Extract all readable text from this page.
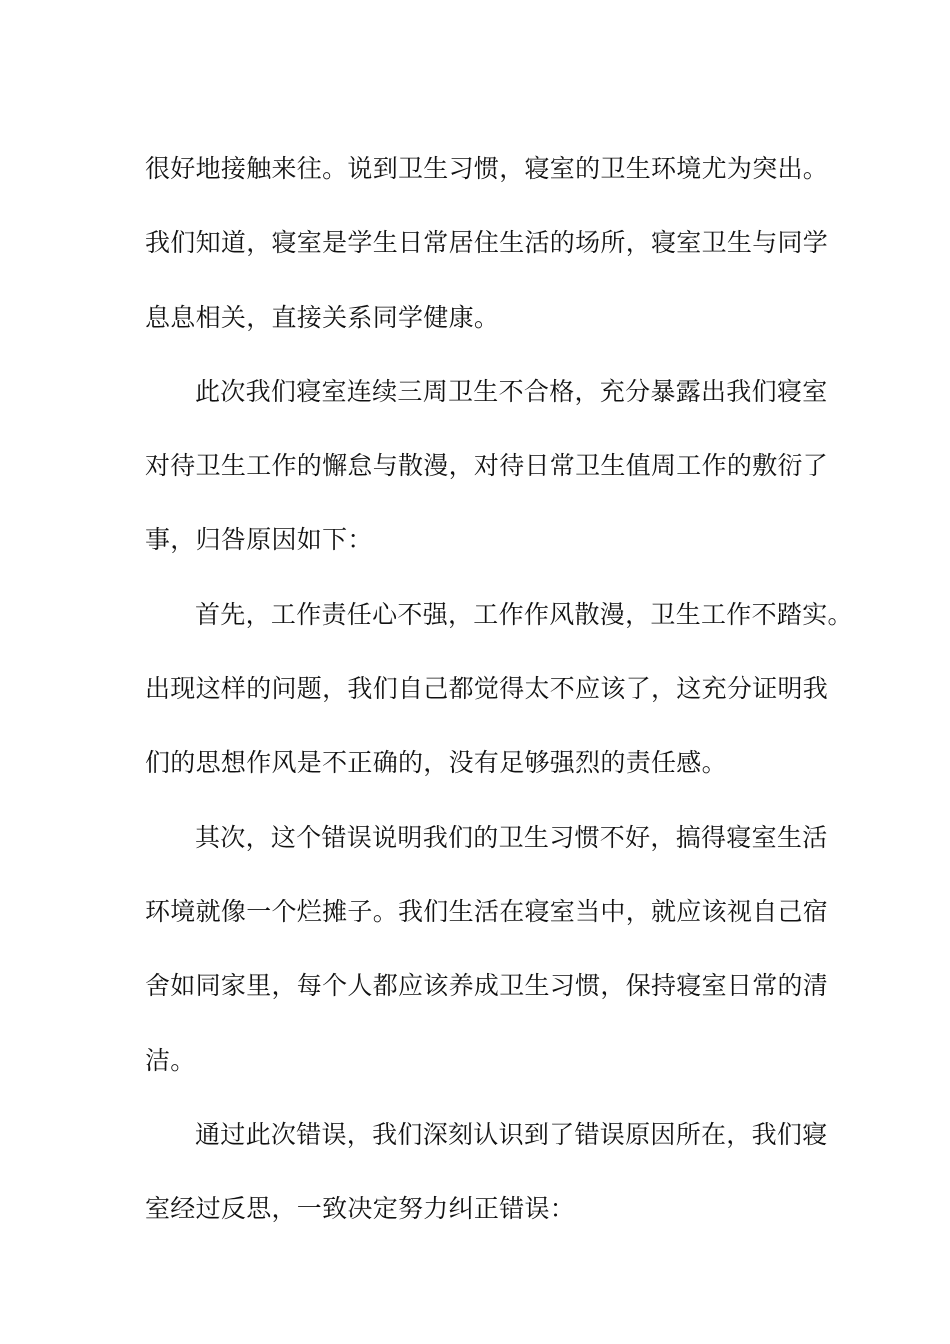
很好地接触来往。说到卫生习惯，寝室的卫生环境尤为突出。
我们知道，寝室是学生日常居住生活的场所，寝室卫生与同学
息息相关，直接关系同学健康。
此次我们寝室连续三周卫生不合格，充分暴露出我们寝室
对待卫生工作的懈怠与散漫，对待日常卫生值周工作的敷衍了
事，归咎原因如下：
首先，工作责任心不强，工作作风散漫，卫生工作不踏实。
出现这样的问题，我们自己都觉得太不应该了，这充分证明我
们的思想作风是不正确的，没有足够强烈的责任感。
其次，这个错误说明我们的卫生习惯不好，搞得寝室生活
环境就像一个烂摊子。我们生活在寝室当中，就应该视自己宿
舍如同家里，每个人都应该养成卫生习惯，保持寝室日常的清
洁。
通过此次错误，我们深刻认识到了错误原因所在，我们寝
室经过反思，一致决定努力纠正错误：
